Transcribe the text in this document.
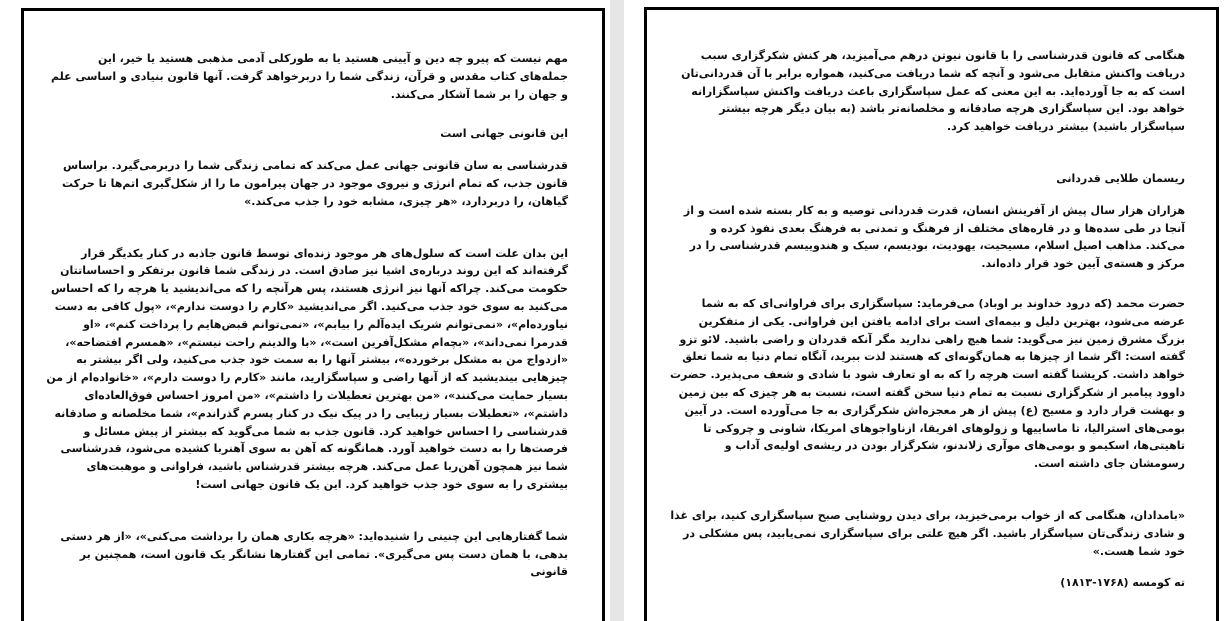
مهم نیست که پیرو چه دین و آیینی هستید یا به طورکلی آدمی مذهبی هستید یا خیر، این جمله‌های کتاب مقدس و قرآن، زندگی شما را دربرخواهد گرفت. آنها قانون بنیادی و اساسی علم و جهان را بر شما آشکار می‌کنند.

این قانونی جهانی است

قدرشناسی به سان قانونی جهانی عمل می‌کند که تمامی زندگی شما را دربرمی‌گیرد. براساس قانون جذب، که تمام انرژی و نیروی موجود در جهان پیرامون ما را از شکل‌گیری اتم‌ها تا حرکت گیاهان، را دربردارد، «هر چیزی، مشابه خود را جذب می‌کند.»

این بدان علت است که سلول‌های هر موجود زنده‌ای توسط قانون جاذبه در کنار یکدیگر قرار گرفته‌اند که این روند درباره‌ی اشیا نیز صادق است. در زندگی شما قانون برتفکر و احساساتتان حکومت می‌کند. چراکه آنها نیز انرژی هستند، پس هرآنچه را که می‌اندیشید یا هرچه را که احساس می‌کنید به سوی خود جذب می‌کنید. اگر می‌اندیشید «کارم را دوست ندارم»، «پول کافی به دست نیاورده‌ام»، «نمی‌توانم شریک ایده‌آلم را بیابم»، «نمی‌توانم قبض‌هایم را پرداخت کنم»، «او قدرمرا نمی‌داند»، «بچه‌ام مشکل‌آفرین است»، «با والدینم راحت نیستم»، «همسرم افتضاحه»، «ازدواج من به مشکل برخورده»، بیشتر آنها را به سمت خود جذب می‌کنید، ولی اگر بیشتر به چیزهایی بیندیشید که از آنها راضی و سپاسگزارید، مانند «کارم را دوست دارم»، «خانواده‌ام از من بسیار حمایت می‌کنند»، «من بهترین تعطیلات را داشتم»، «من امروز احساس فوق‌العاده‌ای داشتم»، «تعطیلات بسیار زیبایی را در پیک نیک در کنار پسرم گذراندم»، شما مخلصانه و صادقانه قدرشناسی را احساس خواهید کرد. قانون جذب به شما می‌گوید که بیشتر از پیش مسائل و فرصت‌ها را به دست خواهید آورد. همانگونه که آهن به سوی آهنربا کشیده می‌شود، قدرشناسی شما نیز همچون آهن‌ربا عمل می‌کند. هرچه بیشتر قدرشناس باشید، فراوانی و موهبت‌های بیشتری را به سوی خود جذب خواهید کرد. این یک قانون جهانی است!

شما گفتارهایی این چنینی را شنیده‌اید: «هرچه بکاری همان را برداشت می‌کنی»، «از هر دستی بدهی، با همان دست پس می‌گیری». تمامی این گفتارها نشانگر یک قانون است، همچنین بر قانونی

هنگامی که قانون قدرشناسی را با قانون نیوتن درهم می‌آمیزید، هر کنش شکرگزاری سبب دریافت واکنش متقابل می‌شود و آنچه که شما دریافت می‌کنید، همواره برابر با آن قدردانی‌تان است که به جا آورده‌اید. به این معنی که عمل سپاسگزاری باعث دریافت واکنش سپاسگزارانه خواهد بود. این سپاسگزاری هرچه صادقانه و مخلصانه‌تر باشد (به بیان دیگر هرچه بیشتر سپاسگزار باشید) بیشتر دریافت خواهید کرد.

ریسمان طلایی قدردانی

هزاران هزار سال پیش از آفرینش انسان، قدرت قدردانی توصیه و به کار بسته شده است و از آنجا در طی سده‌ها و در قاره‌های مختلف از فرهنگ و تمدنی به فرهنگ بعدی نفوذ کرده و می‌کند. مذاهب اصیل اسلام، مسیحیت، یهودیت، بودیسم، سیک و هندوییسم قدرشناسی را در مرکز و هسته‌ی آیین خود قرار داده‌اند.

حضرت محمد (که درود خداوند بر اوباد) می‌فرماید: سپاسگزاری برای فراوانی‌ای که به شما عرضه می‌شود، بهترین دلیل و بیمه‌ای است برای ادامه یافتن این فراوانی. یکی از متفکرین بزرگ مشرق زمین نیز می‌گوید: شما هیچ راهی ندارید مگر آنکه قدردان و راضی باشید. لائو تزو گفته است: اگر شما از چیزها به همان‌گونه‌ای که هستند لذت ببرید، آنگاه تمام دنیا به شما تعلق خواهد داشت. کریشنا گفته است هرچه را که به او تعارف شود با شادی و شعف می‌پذیرد. حضرت داوود پیامبر از شکرگزاری نسبت به تمام دنیا سخن گفته است، نسبت به هر چیزی که بین زمین و بهشت قرار دارد و مسیح (ع) پیش از هر معجزه‌اش شکرگزاری به جا می‌آورده است. در آیین بومی‌های استرالیا، تا ماساییها و زولوهای افریقا، ازناواجوهای امریکا، شاونی و چروکی تا تاهیتی‌ها، اسکیمو و بومی‌های موآری زلاندنو، شکرگزار بودن در ریشه‌ی اولیه‌ی آداب و رسومشان جای داشته است.

«بامدادان، هنگامی که از خواب برمی‌خیزید، برای دیدن روشنایی صبح سپاسگزاری کنید، برای غذا و شادی زندگی‌تان سپاسگزار باشید. اگر هیچ علتی برای سپاسگزاری نمی‌یابید، پس مشکلی در خود شما هست.»

ته کومسه (۱۷۶۸-۱۸۱۳)
